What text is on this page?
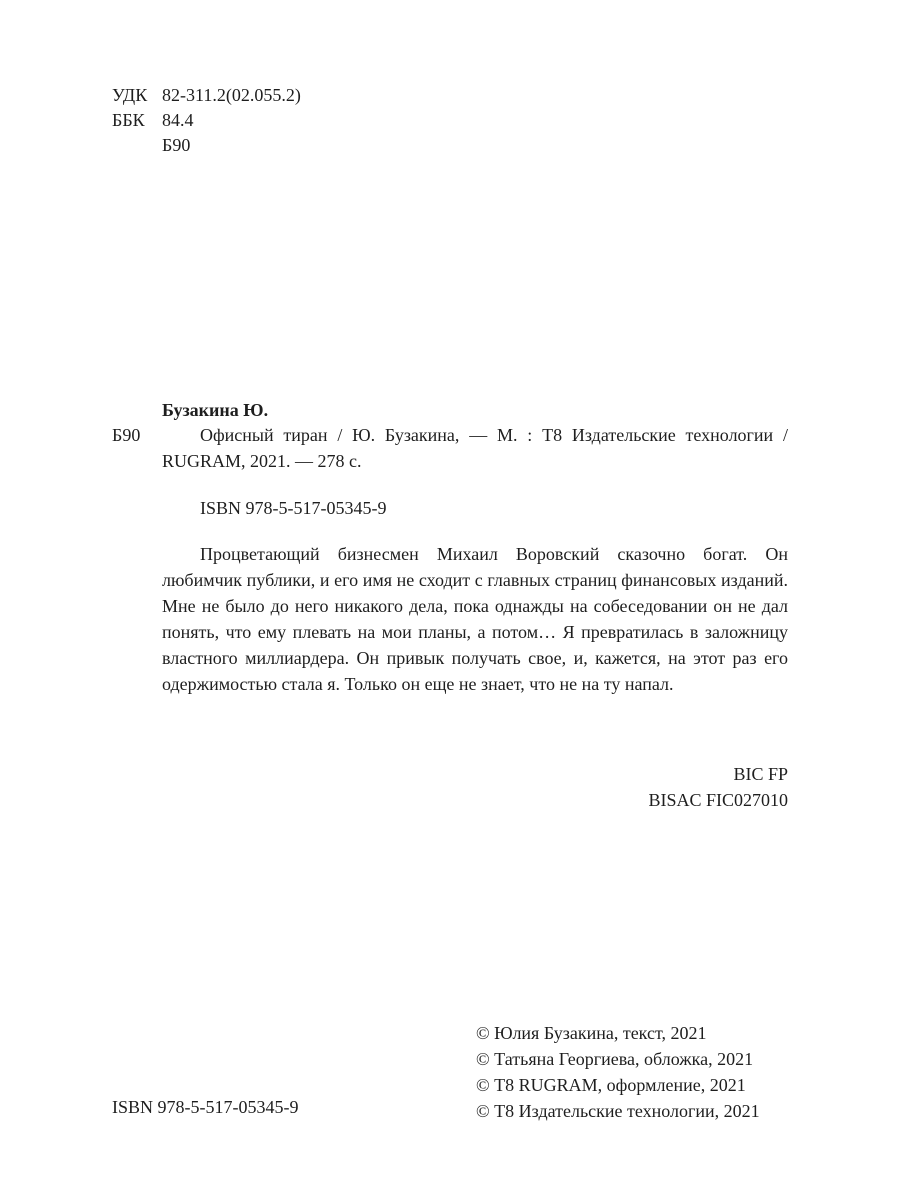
УДК 82-311.2(02.055.2)
ББК 84.4
Б90
Бузакина Ю.
Б90	Офисный тиран / Ю. Бузакина, — М. : Т8 Издательские технологии / RUGRAM, 2021. — 278 с.
ISBN 978-5-517-05345-9
Процветающий бизнесмен Михаил Воровский сказочно богат. Он любимчик публики, и его имя не сходит с главных страниц финансовых изданий. Мне не было до него никакого дела, пока однажды на собеседовании он не дал понять, что ему плевать на мои планы, а потом… Я превратилась в заложницу властного миллиардера. Он привык получать свое, и, кажется, на этот раз его одержимостью стала я. Только он еще не знает, что не на ту напал.
BIC FP
BISAC FIC027010
© Юлия Бузакина, текст, 2021
© Татьяна Георгиева, обложка, 2021
© Т8 RUGRAM, оформление, 2021
© Т8 Издательские технологии, 2021
ISBN 978-5-517-05345-9
